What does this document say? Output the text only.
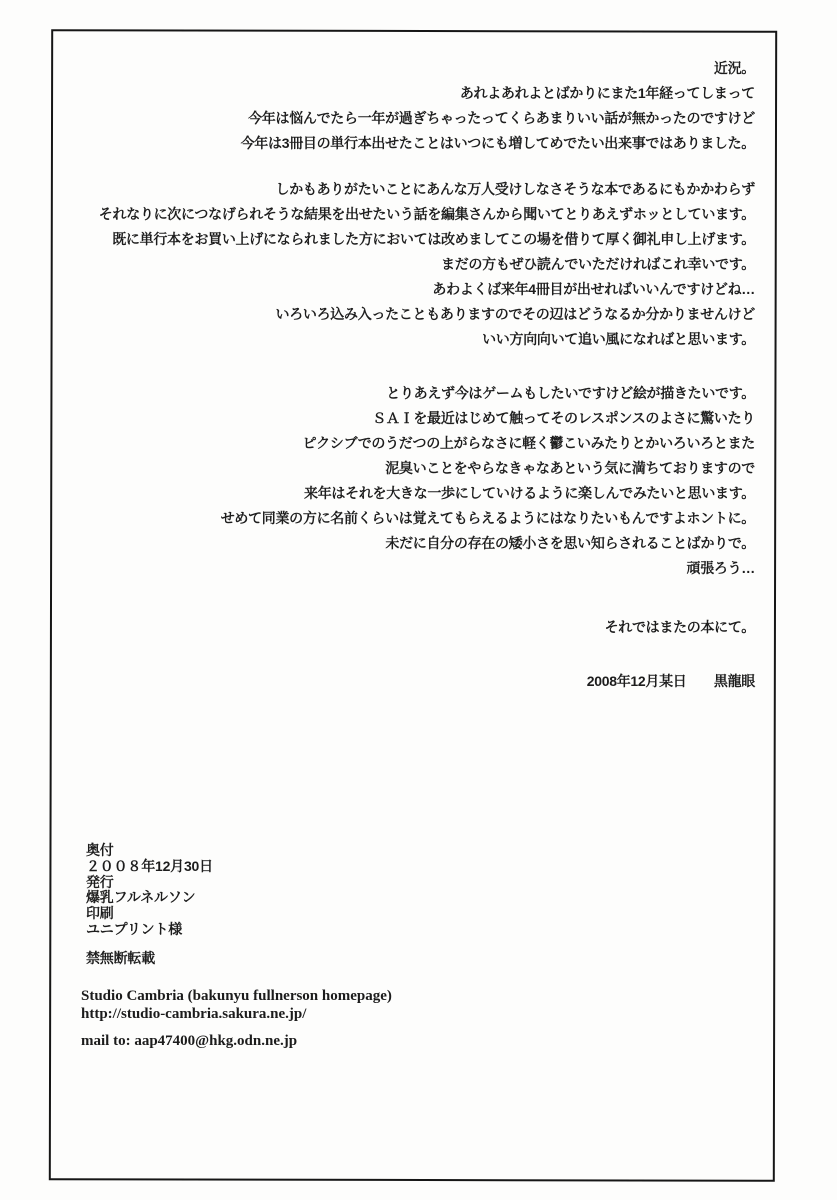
近況。
あれよあれよとばかりにまた1年経ってしまって
今年は悩んでたら一年が過ぎちゃったってくらあまりいい話が無かったのですけど
今年は3冊目の単行本出せたことはいつにも増してめでたい出来事ではありました。
しかもありがたいことにあんな万人受けしなさそうな本であるにもかかわらず
それなりに次につなげられそうな結果を出せたいう話を編集さんから聞いてとりあえずホッとしています。
既に単行本をお買い上げになられました方においては改めましてこの場を借りて厚く御礼申し上げます。
まだの方もぜひ読んでいただければこれ幸いです。
あわよくば来年4冊目が出せればいいんですけどね…
いろいろ込み入ったこともありますのでその辺はどうなるか分かりませんけど
いい方向向いて追い風になればと思います。
とりあえず今はゲームもしたいですけど絵が描きたいです。
ＳＡＩを最近はじめて触ってそのレスポンスのよさに驚いたり
ピクシブでのうだつの上がらなさに軽く鬱こいみたりとかいろいろとまた
泥臭いことをやらなきゃなあという気に満ちておりますので
来年はそれを大きな一歩にしていけるように楽しんでみたいと思います。
せめて同業の方に名前くらいは覚えてもらえるようにはなりたいもんですよホントに。
未だに自分の存在の矮小さを思い知らされることばかりで。
頑張ろう…
それではまたの本にて。
2008年12月某日　　黒龍眼
奥付
２００８年12月30日
発行
爆乳フルネルソン
印刷
ユニプリント様
禁無断転載
Studio Cambria (bakunyu fullnerson homepage)
http://studio-cambria.sakura.ne.jp/
mail to: aap47400@hkg.odn.ne.jp
